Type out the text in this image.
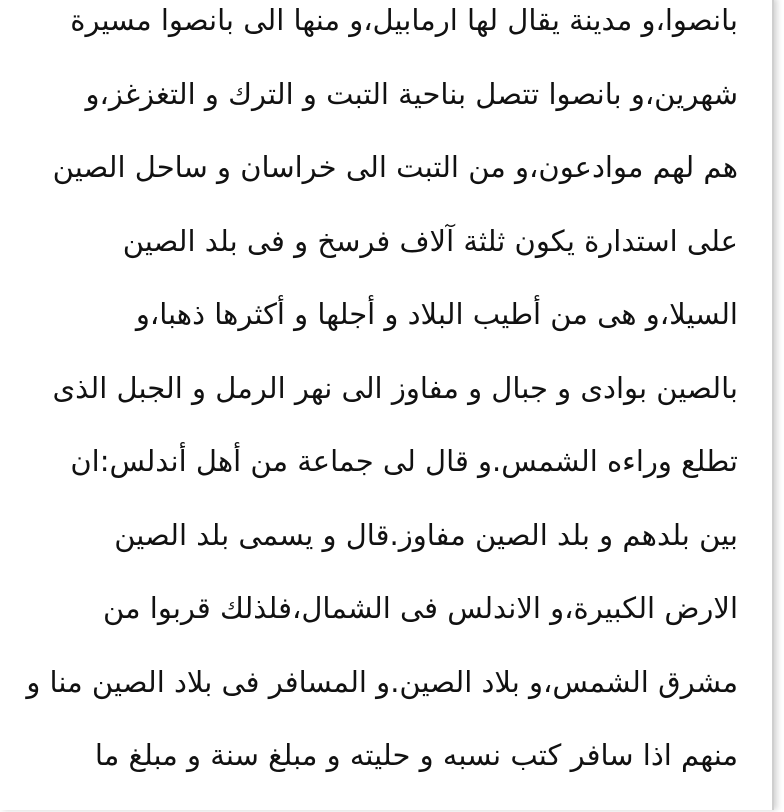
بانصوا،و مدينة يقال لها ارمابيل،و منها الى بانصوا مسيرة
شهرين،و بانصوا تتصل بناحية التبت و الترك و التغزغز،و
هم لهم موادعون،و من التبت الى خراسان و ساحل الصين
على استدارة يكون ثلثة آلاف فرسخ و فى بلد الصين
السيلا،و هى من أطيب البلاد و أجلها و أكثرها ذهبا،و
بالصين بوادى و جبال و مفاوز الى نهر الرمل و الجبل الذى
تطلع وراءه الشمس.و قال لى جماعة من أهل أندلس:ان
بين بلدهم و بلد الصين مفاوز.قال و يسمى بلد الصين
الارض الكبيرة،و الاندلس فى الشمال،فلذلك قربوا من
مشرق الشمس،و بلاد الصين.و المسافر فى بلاد الصين منا و
منهم اذا سافر كتب نسبه و حليته و مبلغ سنة و مبلغ ما
